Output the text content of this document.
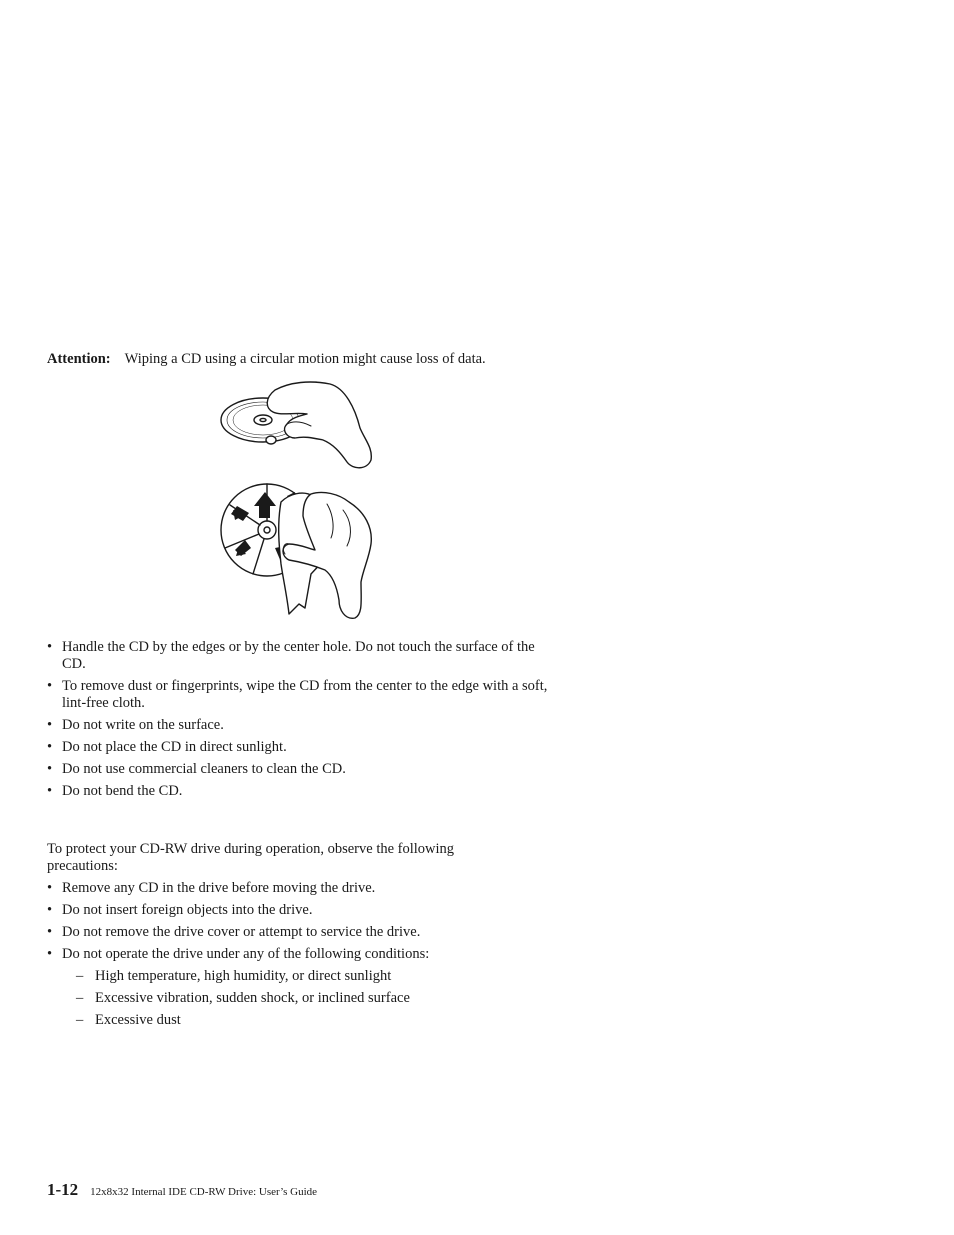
Attention: Wiping a CD using a circular motion might cause loss of data.
• Handle the CD by the edges or by the center hole. Do not touch the surface of the CD.
• To remove dust or fingerprints, wipe the CD from the center to the edge with a soft, lint-free cloth.
• Do not write on the surface.
• Do not place the CD in direct sunlight.
• Do not use commercial cleaners to clean the CD.
• Do not bend the CD.
To protect your CD-RW drive during operation, observe the following precautions:
• Remove any CD in the drive before moving the drive.
• Do not insert foreign objects into the drive.
• Do not remove the drive cover or attempt to service the drive.
• Do not operate the drive under any of the following conditions:
– High temperature, high humidity, or direct sunlight
– Excessive vibration, sudden shock, or inclined surface
– Excessive dust
1-12 12x8x32 Internal IDE CD-RW Drive: User’s Guide
